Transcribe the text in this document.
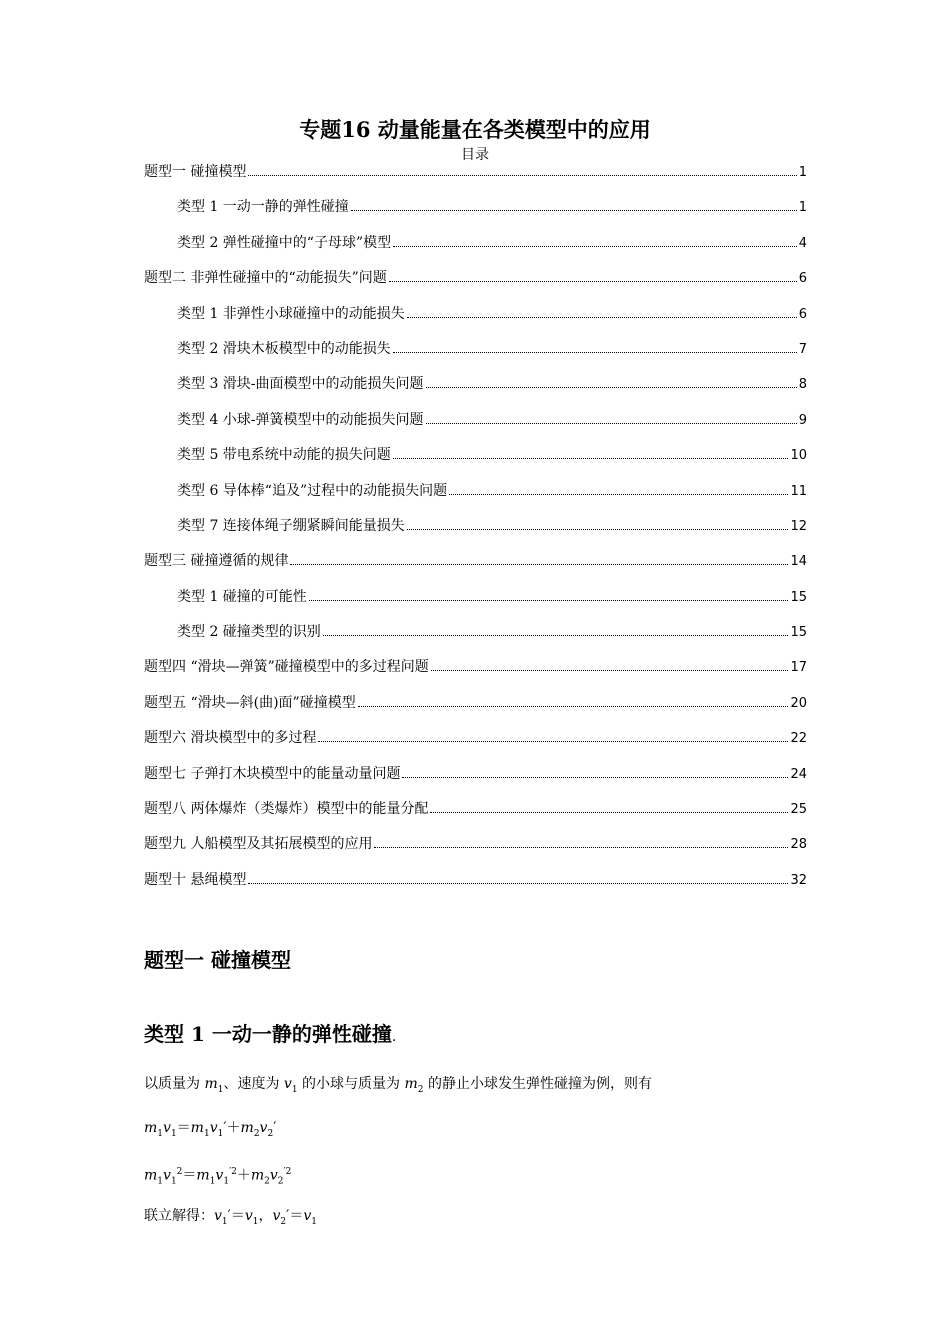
专题16 动量能量在各类模型中的应用
目录
题型一 碰撞模型	1
类型 1 一动一静的弹性碰撞	1
类型 2 弹性碰撞中的“子母球”模型	4
题型二 非弹性碰撞中的“动能损失”问题	6
类型 1 非弹性小球碰撞中的动能损失	6
类型 2 滑块木板模型中的动能损失	7
类型 3 滑块-曲面模型中的动能损失问题	8
类型 4 小球-弹簧模型中的动能损失问题	9
类型 5 带电系统中动能的损失问题	10
类型 6 导体棒“追及”过程中的动能损失问题	11
类型 7 连接体绳子绷紧瞬间能量损失	12
题型三 碰撞遵循的规律	14
类型 1 碰撞的可能性	15
类型 2 碰撞类型的识别	15
题型四 “滑块—弹簧”碰撞模型中的多过程问题	17
题型五 “滑块—斜(曲)面”碰撞模型	20
题型六 滑块模型中的多过程	22
题型七 子弹打木块模型中的能量动量问题	24
题型八 两体爆炸（类爆炸）模型中的能量分配	25
题型九 人船模型及其拓展模型的应用	28
题型十 悬绳模型	32
题型一 碰撞模型
类型 1 一动一静的弹性碰撞.
以质量为 $m_1$、速度为 $v_1$ 的小球与质量为 $m_2$ 的静止小球发生弹性碰撞为例，则有
$m_1v_1=m_1v_1'+m_2v_2'$
$m_1v_1^2=m_1v_1^{'2}+m_2v_2^{'2}$
联立解得：$v_1'=v_1$，$v_2'=v_1$
